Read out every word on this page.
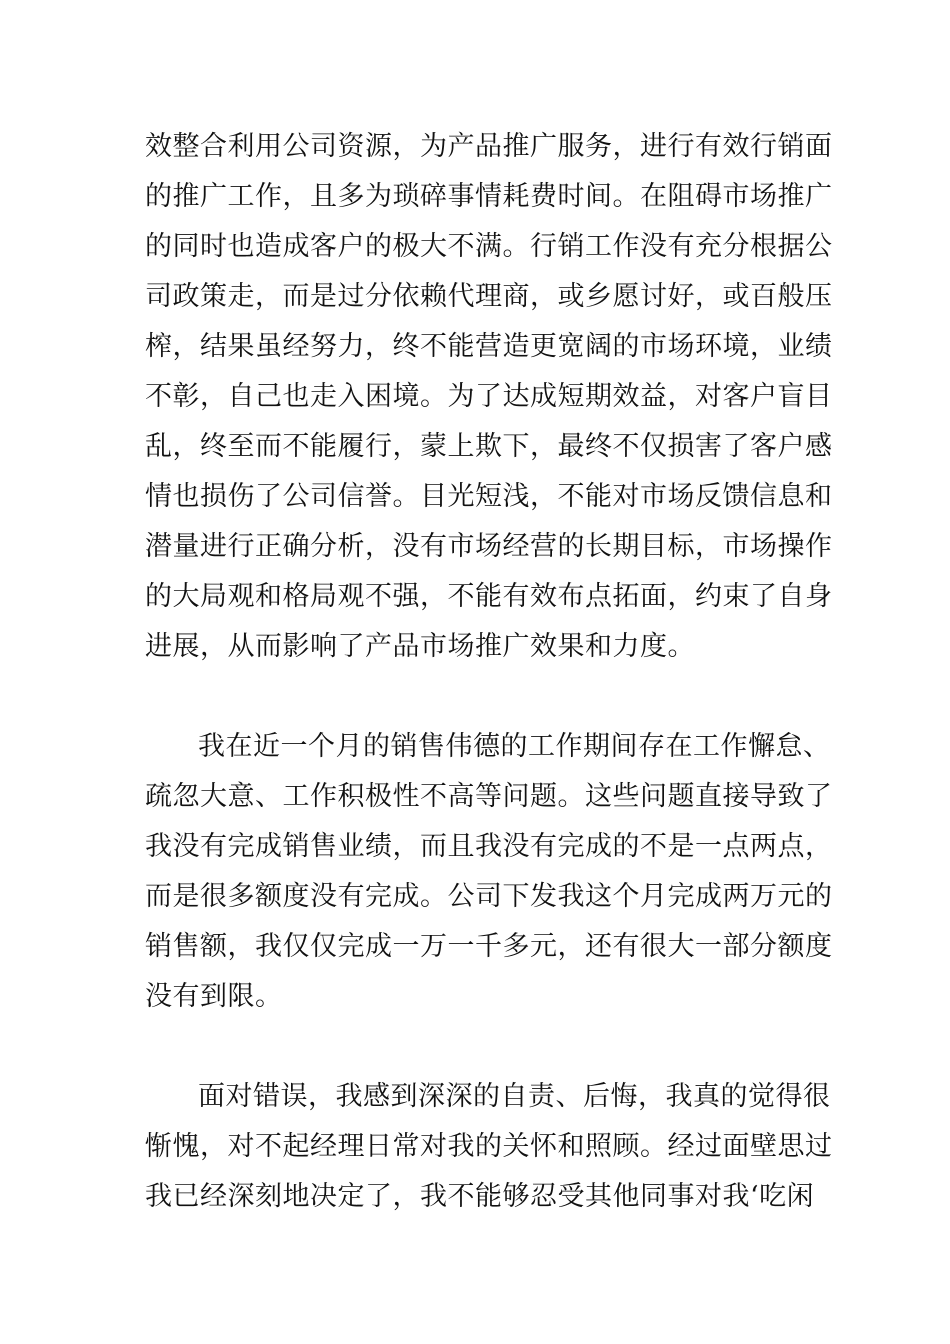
效整合利用公司资源，为产品推广服务，进行有效行销面
的推广工作，且多为琐碎事情耗费时间。在阻碍市场推广
的同时也造成客户的极大不满。行销工作没有充分根据公
司政策走，而是过分依赖代理商，或乡愿讨好，或百般压
榨，结果虽经努力，终不能营造更宽阔的市场环境，业绩
不彰，自己也走入困境。为了达成短期效益，对客户盲目
乱，终至而不能履行，蒙上欺下，最终不仅损害了客户感
情也损伤了公司信誉。目光短浅，不能对市场反馈信息和
潜量进行正确分析，没有市场经营的长期目标，市场操作
的大局观和格局观不强，不能有效布点拓面，约束了自身
进展，从而影响了产品市场推广效果和力度。
我在近一个月的销售伟德的工作期间存在工作懈怠、
疏忽大意、工作积极性不高等问题。这些问题直接导致了
我没有完成销售业绩，而且我没有完成的不是一点两点，
而是很多额度没有完成。公司下发我这个月完成两万元的
销售额，我仅仅完成一万一千多元，还有很大一部分额度
没有到限。
面对错误，我感到深深的自责、后悔，我真的觉得很
惭愧，对不起经理日常对我的关怀和照顾。经过面壁思过
我已经深刻地决定了，我不能够忍受其他同事对我‘吃闲
